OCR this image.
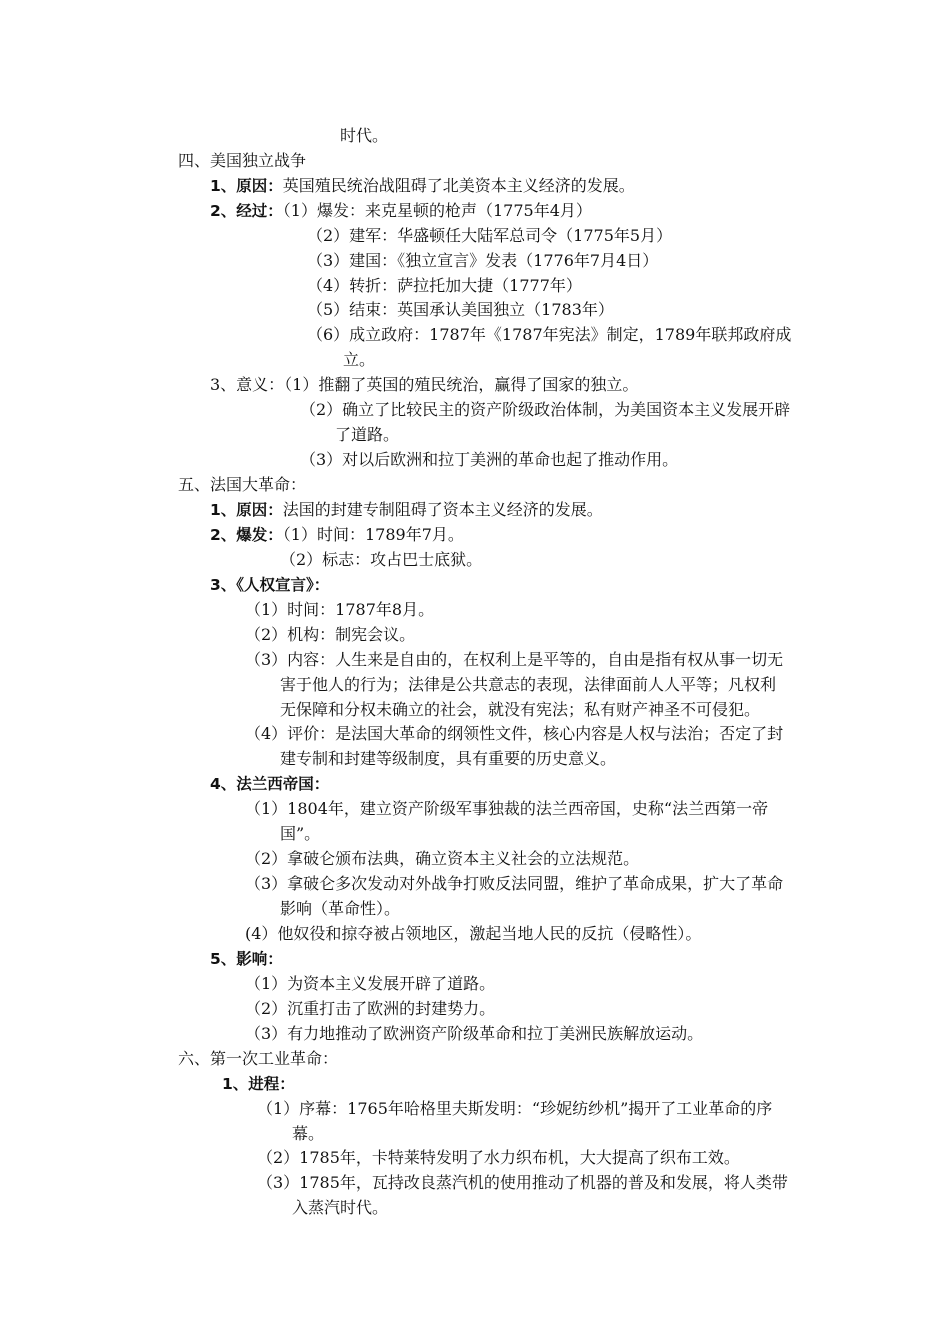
时代。
四、美国独立战争
1、原因：英国殖民统治战阻碍了北美资本主义经济的发展。
2、经过：（1）爆发：来克星顿的枪声（1775年4月）
（2）建军：华盛顿任大陆军总司令（1775年5月）
（3）建国：《独立宣言》发表（1776年7月4日）
（4）转折：萨拉托加大捷（1777年）
（5）结束：英国承认美国独立（1783年）
（6）成立政府：1787年《1787年宪法》制定，1789年联邦政府成
立。
3、意义：（1）推翻了英国的殖民统治，赢得了国家的独立。
（2）确立了比较民主的资产阶级政治体制，为美国资本主义发展开辟
了道路。
（3）对以后欧洲和拉丁美洲的革命也起了推动作用。
五、法国大革命：
1、原因：法国的封建专制阻碍了资本主义经济的发展。
2、爆发：（1）时间：1789年7月。
（2）标志：攻占巴士底狱。
3、《人权宣言》：
（1）时间：1787年8月。
（2）机构：制宪会议。
（3）内容：人生来是自由的，在权利上是平等的，自由是指有权从事一切无
害于他人的行为；法律是公共意志的表现，法律面前人人平等；凡权利
无保障和分权未确立的社会，就没有宪法；私有财产神圣不可侵犯。
（4）评价：是法国大革命的纲领性文件，核心内容是人权与法治；否定了封
建专制和封建等级制度，具有重要的历史意义。
4、法兰西帝国：
（1）1804年，建立资产阶级军事独裁的法兰西帝国，史称“法兰西第一帝
国”。
（2）拿破仑颁布法典，确立资本主义社会的立法规范。
（3）拿破仑多次发动对外战争打败反法同盟，维护了革命成果，扩大了革命
影响（革命性）。
(4）他奴役和掠夺被占领地区，激起当地人民的反抗（侵略性）。
5、影响：
（1）为资本主义发展开辟了道路。
（2）沉重打击了欧洲的封建势力。
（3）有力地推动了欧洲资产阶级革命和拉丁美洲民族解放运动。
六、第一次工业革命：
1、进程：
（1）序幕：1765年哈格里夫斯发明：“珍妮纺纱机”揭开了工业革命的序
幕。
（2）1785年，卡特莱特发明了水力织布机，大大提高了织布工效。
（3）1785年，瓦持改良蒸汽机的使用推动了机器的普及和发展，将人类带
入蒸汽时代。
